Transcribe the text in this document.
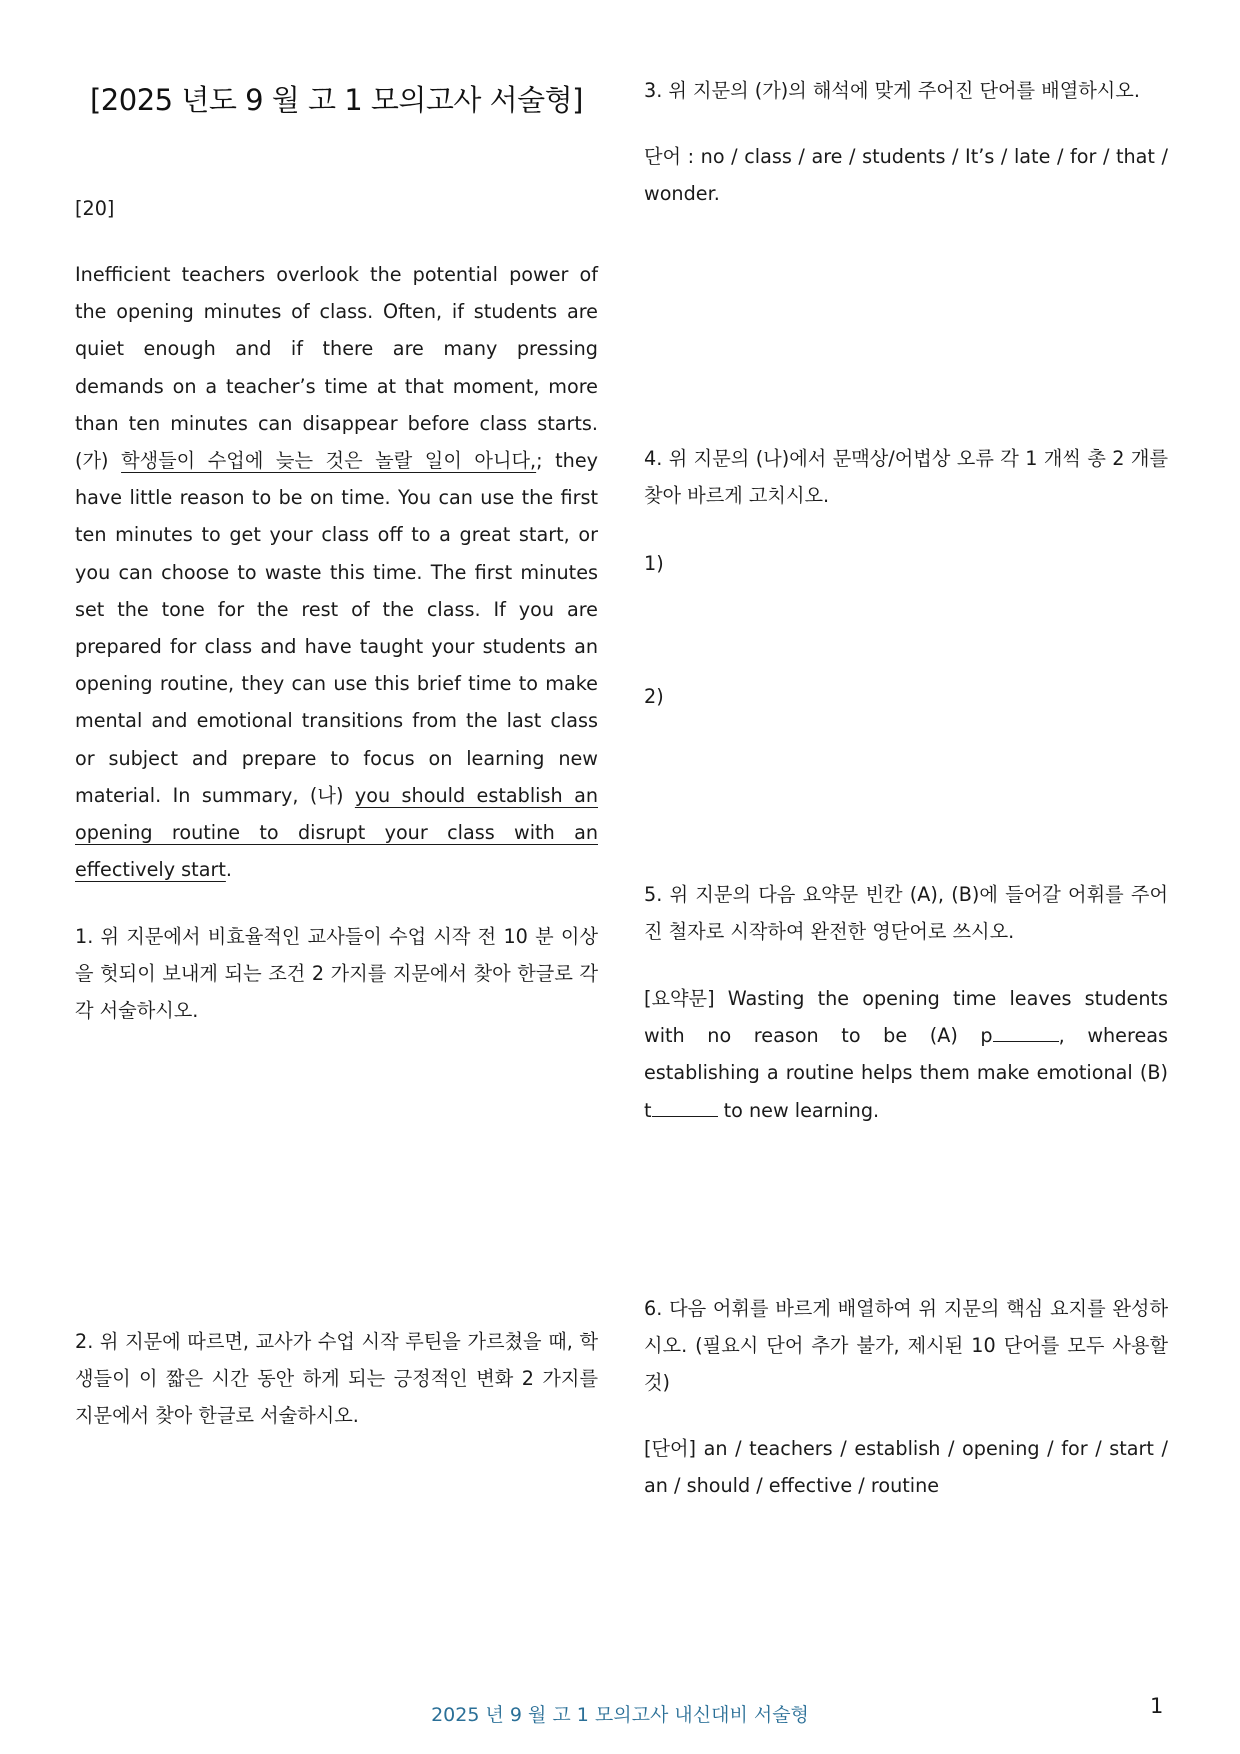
[2025 년도 9 월 고 1 모의고사 서술형]
[20]
Inefficient teachers overlook the potential power of the opening minutes of class. Often, if students are quiet enough and if there are many pressing demands on a teacher’s time at that moment, more than ten minutes can disappear before class starts. (가) 학생들이 수업에 늦는 것은 놀랄 일이 아니다,; they have little reason to be on time. You can use the first ten minutes to get your class off to a great start, or you can choose to waste this time. The first minutes set the tone for the rest of the class. If you are prepared for class and have taught your students an opening routine, they can use this brief time to make mental and emotional transitions from the last class or subject and prepare to focus on learning new material. In summary, (나) you should establish an opening routine to disrupt your class with an effectively start.
1. 위 지문에서 비효율적인 교사들이 수업 시작 전 10 분 이상을 헛되이 보내게 되는 조건 2 가지를 지문에서 찾아 한글로 각각 서술하시오.
2. 위 지문에 따르면, 교사가 수업 시작 루틴을 가르쳤을 때, 학생들이 이 짧은 시간 동안 하게 되는 긍정적인 변화 2 가지를 지문에서 찾아 한글로 서술하시오.
3. 위 지문의 (가)의 해석에 맞게 주어진 단어를 배열하시오.
단어 : no / class / are / students / It’s / late / for / that / wonder.
4. 위 지문의 (나)에서 문맥상/어법상 오류 각 1 개씩 총 2 개를 찾아 바르게 고치시오.
1)
2)
5. 위 지문의 다음 요약문 빈칸 (A), (B)에 들어갈 어휘를 주어진 철자로 시작하여 완전한 영단어로 쓰시오.
[요약문] Wasting the opening time leaves students with no reason to be (A) p	, whereas establishing a routine helps them make emotional (B) t	to new learning.
6. 다음 어휘를 바르게 배열하여 위 지문의 핵심 요지를 완성하시오. (필요시 단어 추가 불가, 제시된 10 단어를 모두 사용할 것)
[단어] an / teachers / establish / opening / for / start / an / should / effective / routine
2025 년 9 월 고 1 모의고사 내신대비 서술형	1
